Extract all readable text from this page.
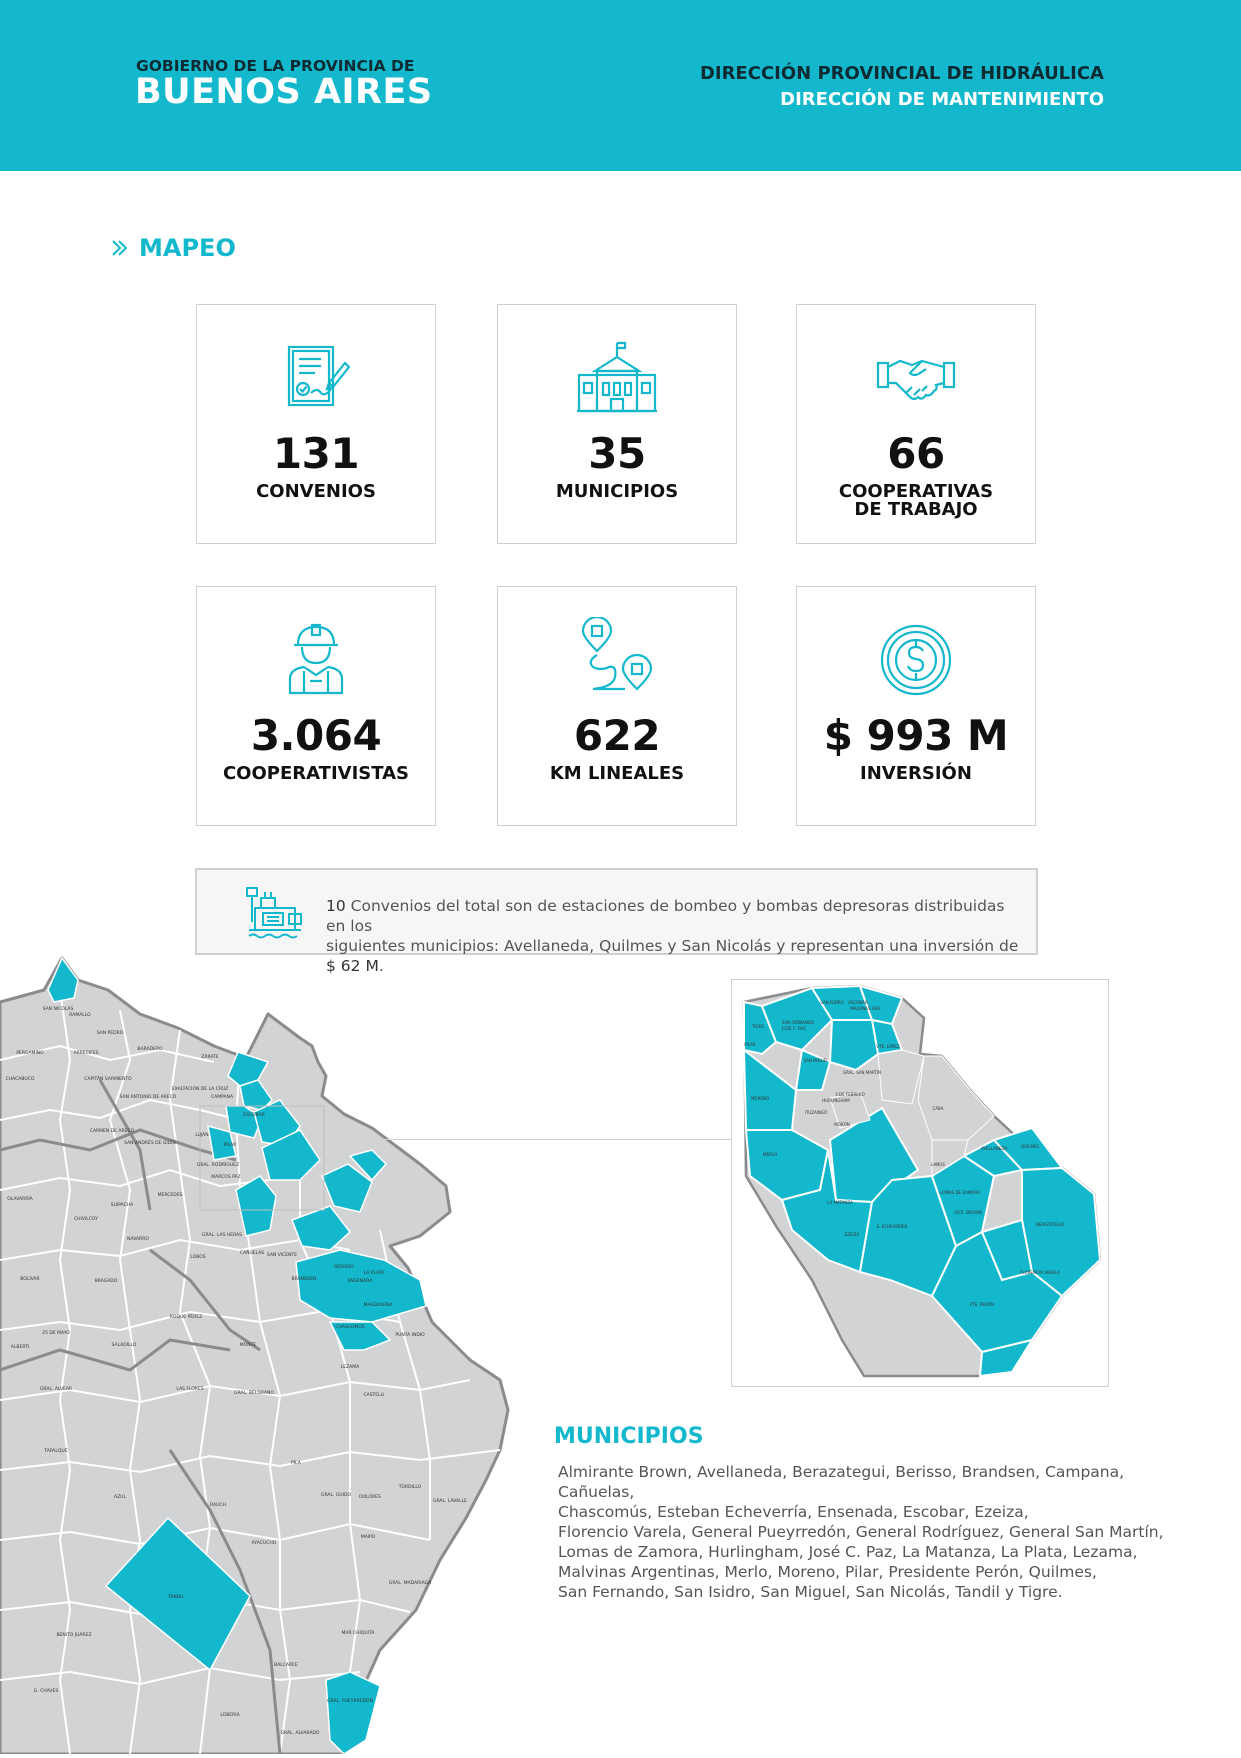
GOBIERNO DE LA PROVINCIA DE
BUENOS AIRES	DIRECCIÓN PROVINCIAL DE HIDRÁULICA
DIRECCIÓN DE MANTENIMIENTO
MAPEO
131
CONVENIOS
35
MUNICIPIOS
66
COOPERATIVAS
DE TRABAJO
3.064
COOPERATIVISTAS
622
KM LINEALES
$ 993 M
INVERSIÓN
10 Convenios del total son de estaciones de bombeo y bombas depresoras distribuidas en los
siguientes municipios: Avellaneda, Quilmes y San Nicolás y representan una inversión de $ 62 M.
SAN NICOLÁS
RAMALLO
SAN PEDRO
BARADERO
ZÁRATE
PERGAMINO	ARRECIFES
CAPITÁN SARMIENTO
SAN ANTONIO DE ARECO
EXALTACIÓN DE LA CRUZ
CAMPANA
ESCOBAR
PILAR
CARMEN DE ARECO
SAN ANDRÉS DE GILES
LUJÁN
GRAL. RODRÍGUEZ
MERCEDES
SUIPACHA
CHIVILCOY
NAVARRO
MARCOS PAZ
GRAL. LAS HERAS
LOBOS
CAÑUELAS SAN VICENTE
BRANDSEN	ENSENADA
BERISSO
LA PLATA
MAGDALENA
PUNTA INDIO
CHASCOMÚS
LEZAMA
CASTELLI
GRAL. BELGRANO
MONTE
ROQUE PÉREZ
SALADILLO
25 DE MAYO
GRAL. ALVEAR	LAS FLORES
TAPALQUÉ
AZUL
RAUCH
PILA
DOLORES
TORDILLO
GRAL. GUIDO
GRAL. LAVALLE
MAIPÚ
AYACUCHO
TANDIL
GRAL. MADARIAGA
MAR CHIQUITA
BENITO JUÁREZ
BALCARCE
GRAL. PUEYRREDÓN
LOBERÍA
GRAL. ALVARADO
G. CHAVES
OLAVARRÍA
BOLÍVAR
ALBERTI
BRAGADO
CHACABUCO
TIGRE
SAN FERNANDO
SAN ISIDRO ESCOBAR
PILAR
MALVINAS ARG.
JOSÉ C. PAZ
SAN MIGUEL
VTE. LÓPEZ
GRAL. SAN MARTÍN
3 DE FEBRERO
HURLINGHAM
ITUZAINGÓ
MORENO
MORÓN
MERLO
CABA
LANÚS
AVELLANEDA	QUILMES
LA MATANZA
LOMAS DE ZAMORA
ALTE. BROWN
E. ECHEVERRÍA
EZEIZA
BERAZATEGUI
FLORENCIO VARELA
PTE. PERÓN
MUNICIPIOS
Almirante Brown, Avellaneda, Berazategui, Berisso, Brandsen, Campana, Cañuelas,
Chascomús, Esteban Echeverría, Ensenada, Escobar, Ezeiza,
Florencio Varela, General Pueyrredón, General Rodríguez, General San Martín,
Lomas de Zamora, Hurlingham, José C. Paz, La Matanza, La Plata, Lezama,
Malvinas Argentinas, Merlo, Moreno, Pilar, Presidente Perón, Quilmes,
San Fernando, San Isidro, San Miguel, San Nicolás, Tandil y Tigre.
